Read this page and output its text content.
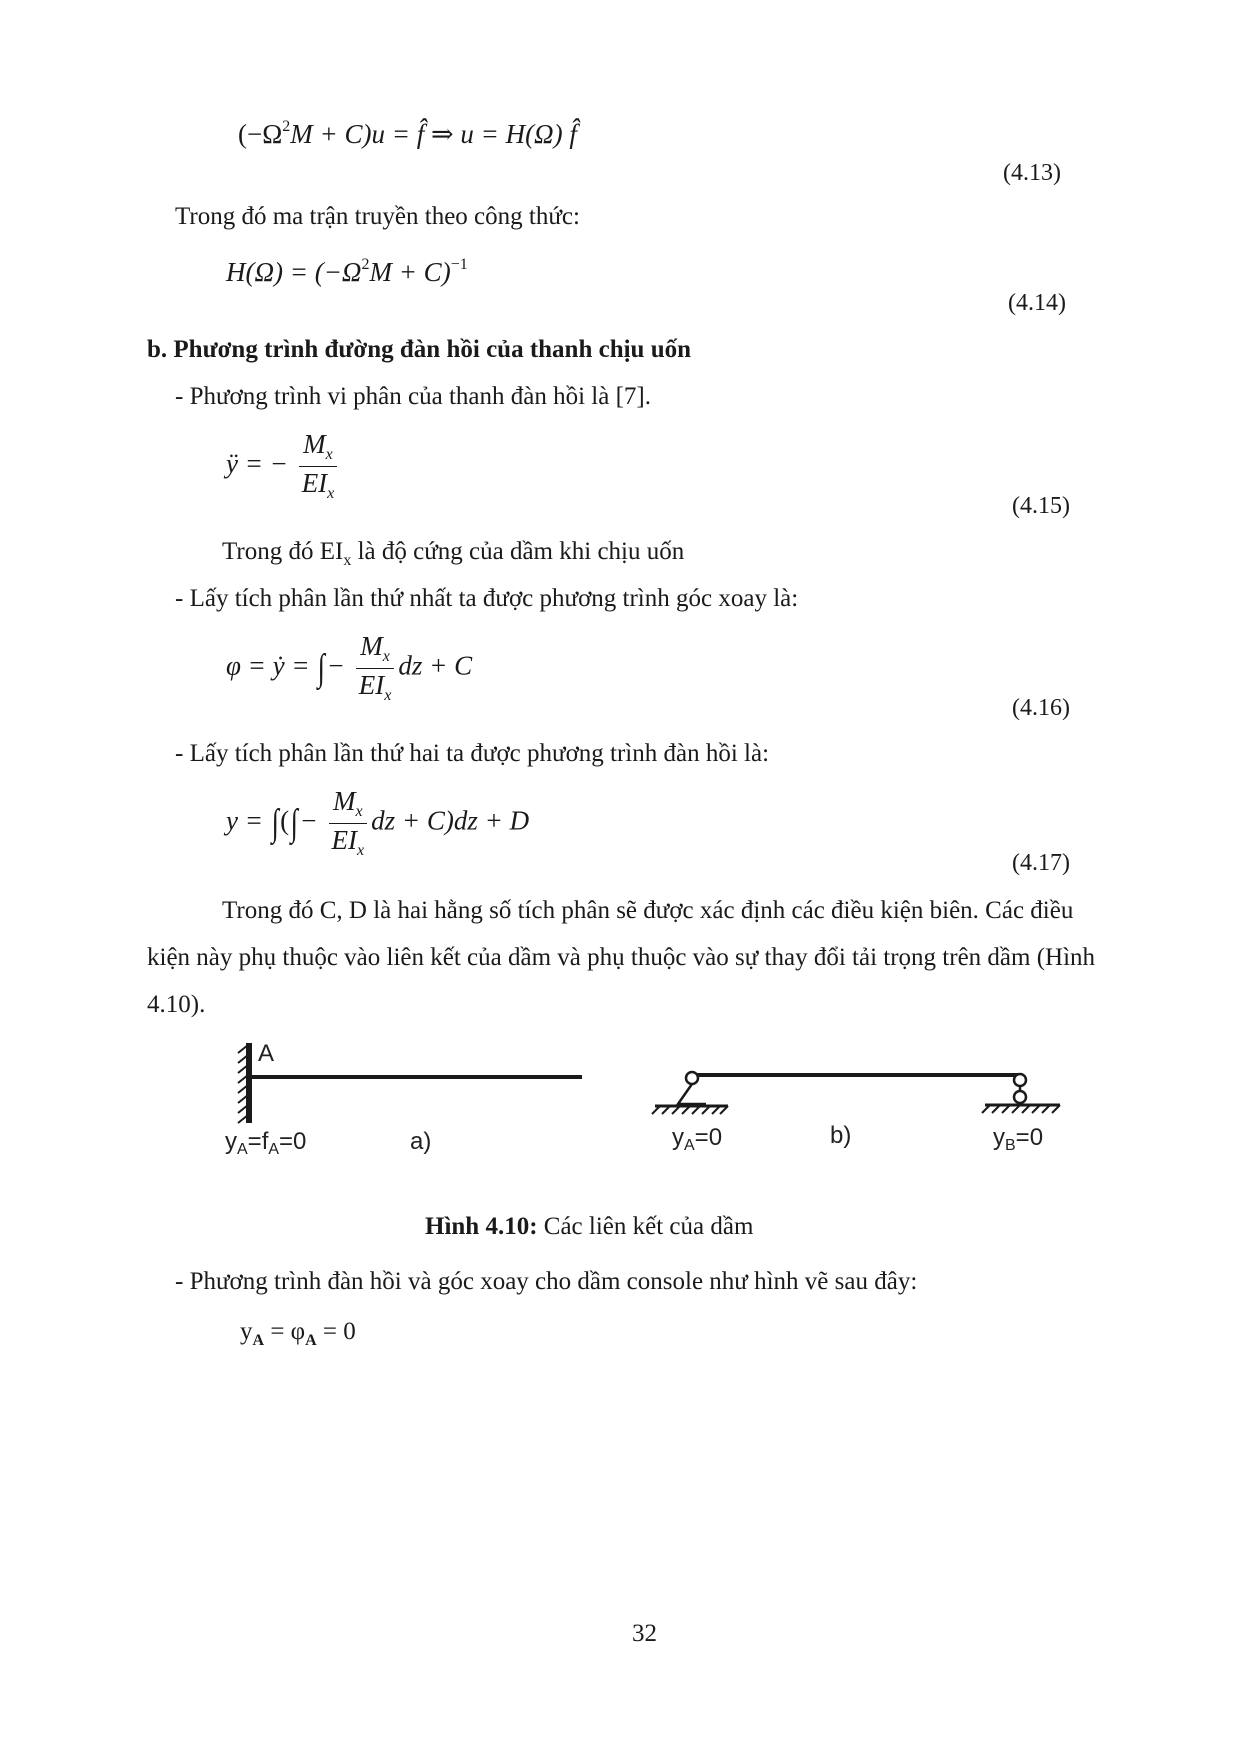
$(-\Omega^2M + C)u$ = f̂ ⇒ u = H(Ω) f̂
(4.13)
Trong đó ma trận truyền theo công thức:
$H(\Omega) = (-\Omega^2M + C)^{-1}$
(4.14)
b. Phương trình đường đàn hồi của thanh chịu uốn
- Phương trình vi phân của thanh đàn hồi là [7].
ÿ = − $\frac{M_x}{EI_x}$
(4.15)
Trong đó $EI_x$ là độ cứng của dầm khi chịu uốn
- Lấy tích phân lần thứ nhất ta được phương trình góc xoay là:
φ = ẏ = ∫− $\frac{M_x}{EI_x}$ dz + C
(4.16)
- Lấy tích phân lần thứ hai ta được phương trình đàn hồi là:
y = ∫(∫− $\frac{M_x}{EI_x}$ dz + C)dz + D
(4.17)
Trong đó C, D là hai hằng số tích phân sẽ được xác định các điều kiện biên. Các điều
kiện này phụ thuộc vào liên kết của dầm và phụ thuộc vào sự thay đổi tải trọng trên dầm (Hình
4.10).
A
$y_A=f_A=0$	a)	$y_A=0$	b)	$y_B=0$
Hình 4.10: Các liên kết của dầm
- Phương trình đàn hồi và góc xoay cho dầm console như hình vẽ sau đây:
$y_A = \varphi_A = 0$
32
